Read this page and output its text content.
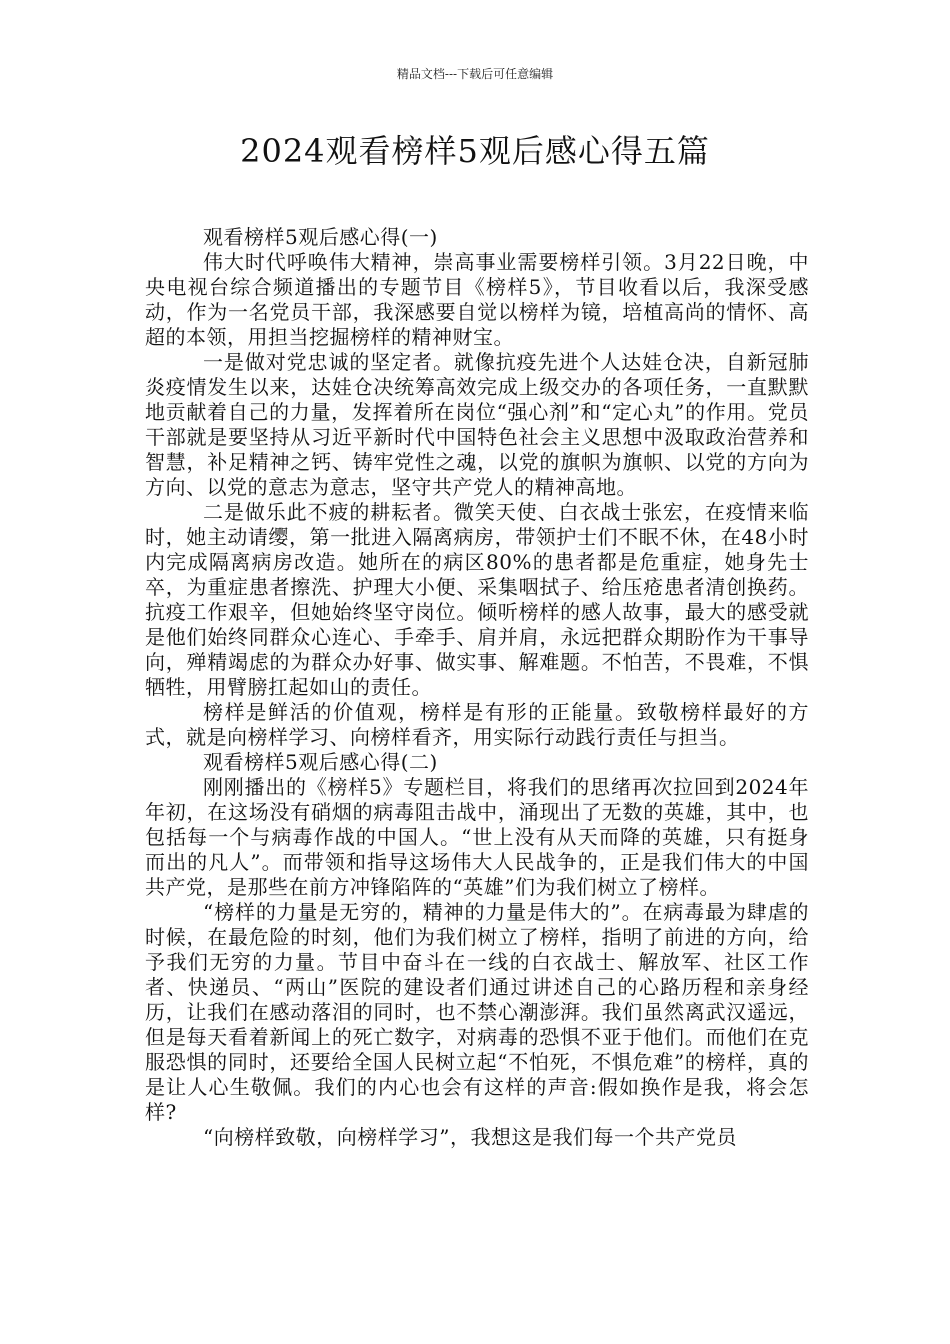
精品文档---下载后可任意编辑
2024观看榜样5观后感心得五篇

观看榜样5观后感心得(一)

伟大时代呼唤伟大精神，崇高事业需要榜样引领。3月22日晚，中央电视台综合频道播出的专题节目《榜样5》，节目收看以后，我深受感动，作为一名党员干部，我深感要自觉以榜样为镜，培植高尚的情怀、高超的本领，用担当挖掘榜样的精神财宝。

一是做对党忠诚的坚定者。就像抗疫先进个人达娃仓决，自新冠肺炎疫情发生以来，达娃仓决统筹高效完成上级交办的各项任务，一直默默地贡献着自己的力量，发挥着所在岗位“强心剂”和“定心丸”的作用。党员干部就是要坚持从习近平新时代中国特色社会主义思想中汲取政治营养和智慧，补足精神之钙、铸牢党性之魂，以党的旗帜为旗帜、以党的方向为方向、以党的意志为意志，坚守共产党人的精神高地。

二是做乐此不疲的耕耘者。微笑天使、白衣战士张宏，在疫情来临时，她主动请缨，第一批进入隔离病房，带领护士们不眠不休，在48小时内完成隔离病房改造。她所在的病区80%的患者都是危重症，她身先士卒，为重症患者擦洗、护理大小便、采集咽拭子、给压疮患者清创换药。抗疫工作艰辛，但她始终坚守岗位。倾听榜样的感人故事，最大的感受就是他们始终同群众心连心、手牵手、肩并肩，永远把群众期盼作为干事导向，殚精竭虑的为群众办好事、做实事、解难题。不怕苦，不畏难，不惧牺牲，用臂膀扛起如山的责任。

榜样是鲜活的价值观，榜样是有形的正能量。致敬榜样最好的方式，就是向榜样学习、向榜样看齐，用实际行动践行责任与担当。

观看榜样5观后感心得(二)

刚刚播出的《榜样5》专题栏目，将我们的思绪再次拉回到2024年年初，在这场没有硝烟的病毒阻击战中，涌现出了无数的英雄，其中，也包括每一个与病毒作战的中国人。“世上没有从天而降的英雄，只有挺身而出的凡人”。而带领和指导这场伟大人民战争的，正是我们伟大的中国共产党，是那些在前方冲锋陷阵的“英雄”们为我们树立了榜样。

“榜样的力量是无穷的，精神的力量是伟大的”。在病毒最为肆虐的时候，在最危险的时刻，他们为我们树立了榜样，指明了前进的方向，给予我们无穷的力量。节目中奋斗在一线的白衣战士、解放军、社区工作者、快递员、“两山”医院的建设者们通过讲述自己的心路历程和亲身经历，让我们在感动落泪的同时，也不禁心潮澎湃。我们虽然离武汉遥远，但是每天看着新闻上的死亡数字，对病毒的恐惧不亚于他们。而他们在克服恐惧的同时，还要给全国人民树立起“不怕死，不惧危难”的榜样，真的是让人心生敬佩。我们的内心也会有这样的声音:假如换作是我，将会怎样?

“向榜样致敬，向榜样学习”，我想这是我们每一个共产党员
